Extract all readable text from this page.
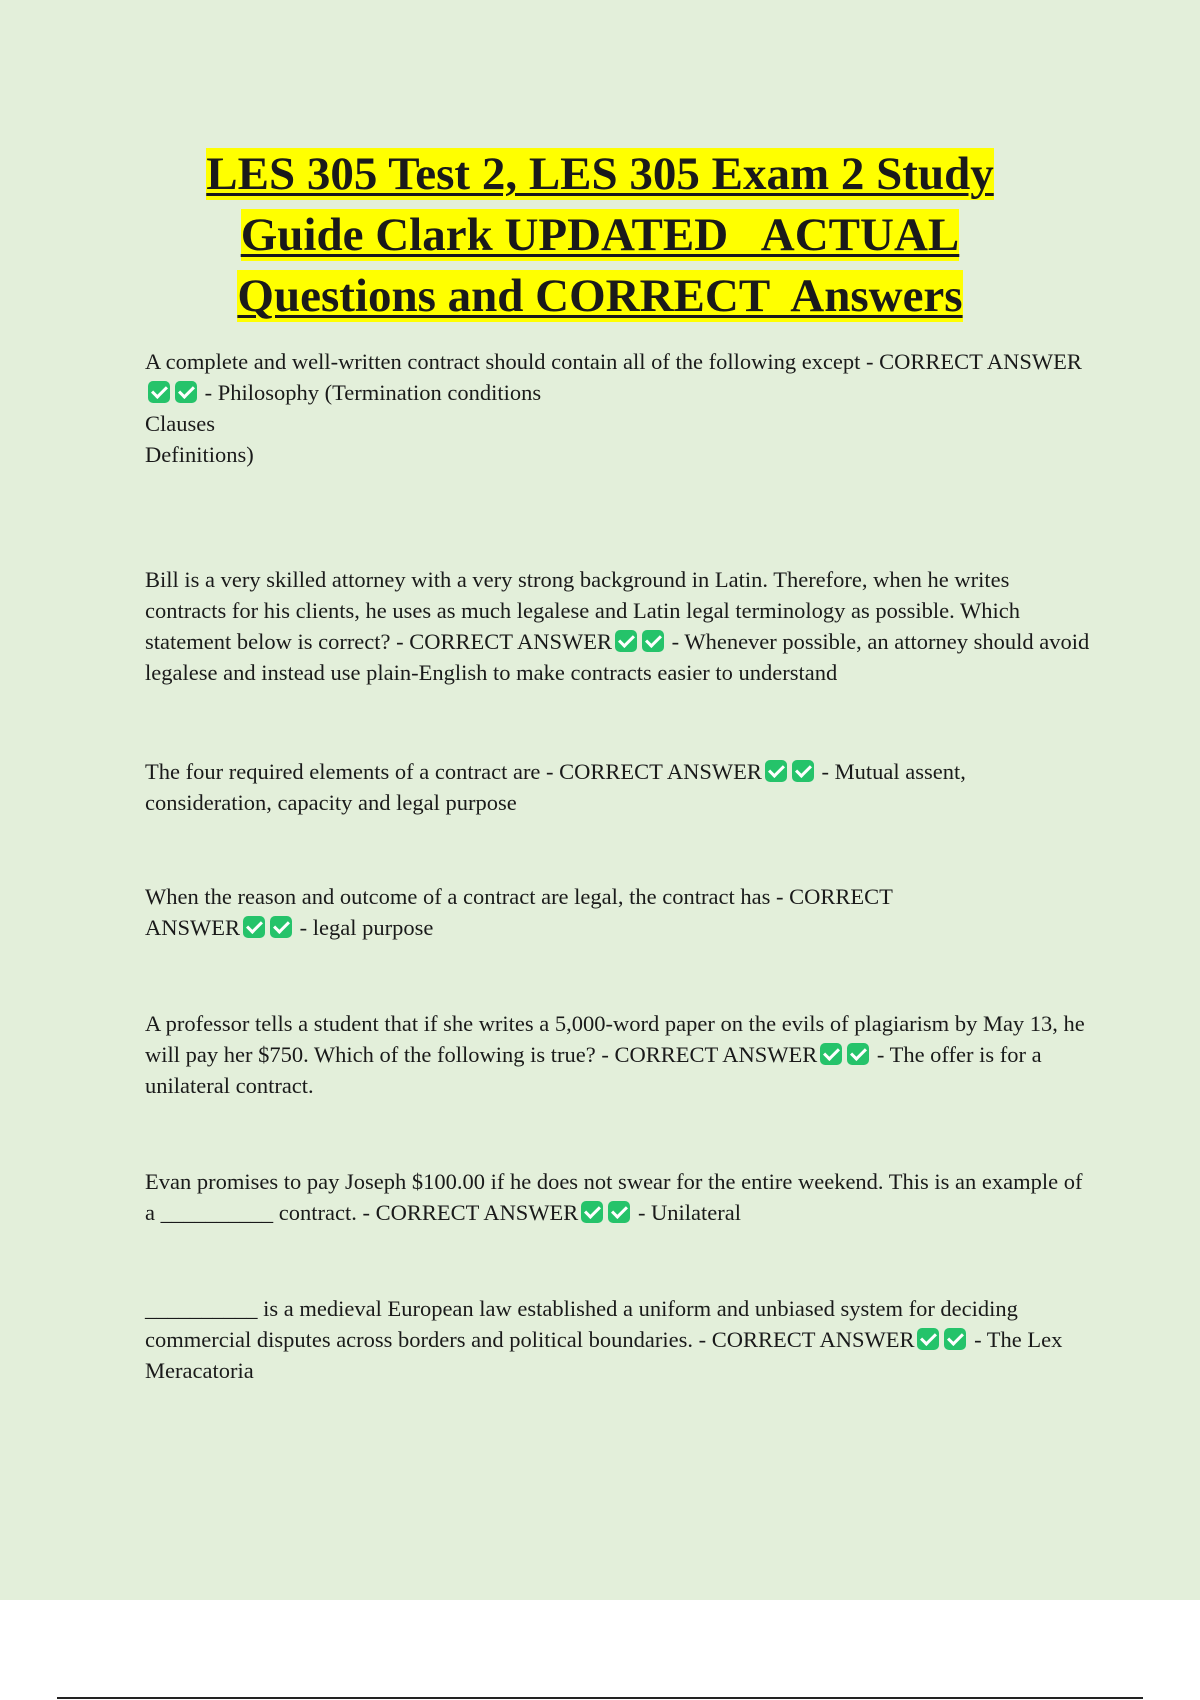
LES 305 Test 2, LES 305 Exam 2 Study
Guide Clark UPDATED   ACTUAL
Questions and CORRECT  Answers

A complete and well-written contract should contain all of the following except - CORRECT ANSWER - Philosophy (Termination conditions

Clauses

Definitions)

Bill is a very skilled attorney with a very strong background in Latin. Therefore, when he writes contracts for his clients, he uses as much legalese and Latin legal terminology as possible. Which statement below is correct? - CORRECT ANSWER	- Whenever possible, an attorney should avoid legalese and instead use plain-English to make contracts easier to understand

The four required elements of a contract are - CORRECT ANSWER	- Mutual assent, consideration, capacity and legal purpose

When the reason and outcome of a contract are legal, the contract has - CORRECT ANSWER	- legal purpose

A professor tells a student that if she writes a 5,000-word paper on the evils of plagiarism by May 13, he will pay her $750. Which of the following is true? - CORRECT ANSWER	- The offer is for a unilateral contract.

Evan promises to pay Joseph $100.00 if he does not swear for the entire weekend. This is an example of a __________ contract. - CORRECT ANSWER	- Unilateral

__________ is a medieval European law established a uniform and unbiased system for deciding commercial disputes across borders and political boundaries. - CORRECT ANSWER	- The Lex Meracatoria
